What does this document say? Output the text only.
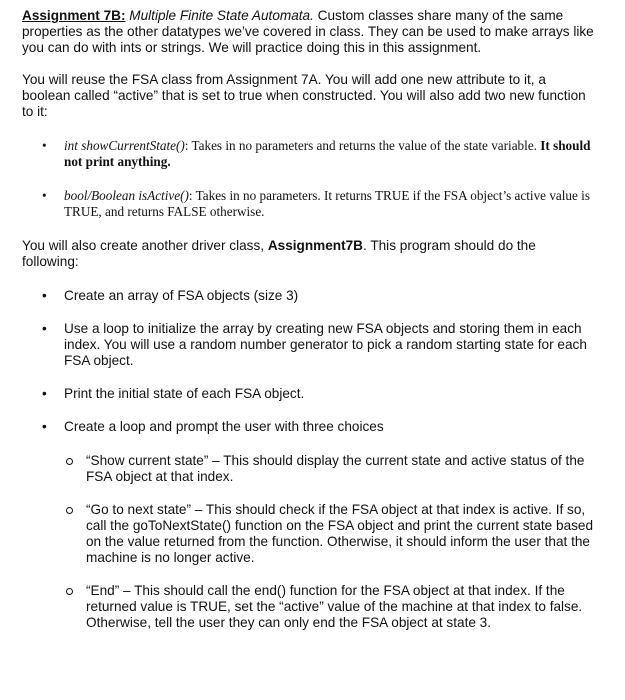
Assignment 7B: Multiple Finite State Automata. Custom classes share many of the same properties as the other datatypes we’ve covered in class. They can be used to make arrays like you can do with ints or strings. We will practice doing this in this assignment.

You will reuse the FSA class from Assignment 7A. You will add one new attribute to it, a boolean called “active” that is set to true when constructed. You will also add two new function to it:

• int showCurrentState(): Takes in no parameters and returns the value of the state variable. It should not print anything.
• bool/Boolean isActive(): Takes in no parameters. It returns TRUE if the FSA object’s active value is TRUE, and returns FALSE otherwise.

You will also create another driver class, Assignment7B. This program should do the following:

• Create an array of FSA objects (size 3)
• Use a loop to initialize the array by creating new FSA objects and storing them in each index. You will use a random number generator to pick a random starting state for each FSA object.
• Print the initial state of each FSA object.
• Create a loop and prompt the user with three choices
“Show current state” – This should display the current state and active status of the FSA object at that index.
“Go to next state” – This should check if the FSA object at that index is active. If so, call the goToNextState() function on the FSA object and print the current state based on the value returned from the function. Otherwise, it should inform the user that the machine is no longer active.
“End” – This should call the end() function for the FSA object at that index. If the returned value is TRUE, set the “active” value of the machine at that index to false. Otherwise, tell the user they can only end the FSA object at state 3.
